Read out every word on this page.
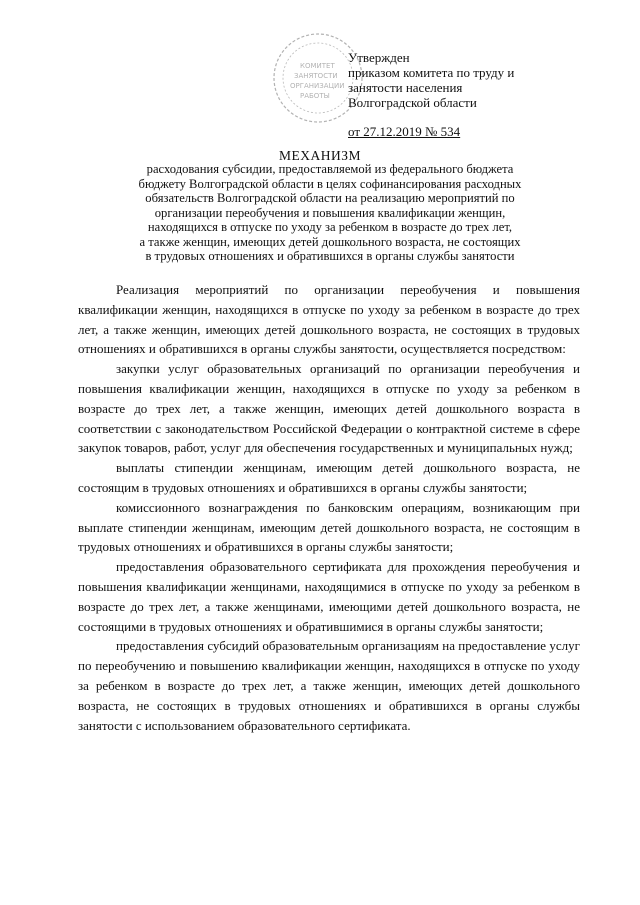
КОМИТЕТ
ЗАНЯТОСТИ
ОРГАНИЗАЦИИ
РАБОТЫ
Утвержден
приказом комитета по труду и
занятости населения
Волгоградской области
от 27.12.2019 № 534
МЕХАНИЗМ
расходования субсидии, предоставляемой из федерального бюджета
бюджету Волгоградской области в целях софинансирования расходных
обязательств Волгоградской области на реализацию мероприятий по
организации переобучения и повышения квалификации женщин,
находящихся в отпуске по уходу за ребенком в возрасте до трех лет,
а также женщин, имеющих детей дошкольного возраста, не состоящих
в трудовых отношениях и обратившихся в органы службы занятости

Реализация мероприятий по организации переобучения и повышения квалификации женщин, находящихся в отпуске по уходу за ребенком в возрасте до трех лет, а также женщин, имеющих детей дошкольного возраста, не состоящих в трудовых отношениях и обратившихся в органы службы занятости, осуществляется посредством:

закупки услуг образовательных организаций по организации переобучения и повышения квалификации женщин, находящихся в отпуске по уходу за ребенком в возрасте до трех лет, а также женщин, имеющих детей дошкольного возраста в соответствии с законодательством Российской Федерации о контрактной системе в сфере закупок товаров, работ, услуг для обеспечения государственных и муниципальных нужд;

выплаты стипендии женщинам, имеющим детей дошкольного возраста, не состоящим в трудовых отношениях и обратившихся в органы службы занятости;

комиссионного вознаграждения по банковским операциям, возникающим при выплате стипендии женщинам, имеющим детей дошкольного возраста, не состоящим в трудовых отношениях и обратившихся в органы службы занятости;

предоставления образовательного сертификата для прохождения переобучения и повышения квалификации женщинами, находящимися в отпуске по уходу за ребенком в возрасте до трех лет, а также женщинами, имеющими детей дошкольного возраста, не состоящими в трудовых отношениях и обратившимися в органы службы занятости;

предоставления субсидий образовательным организациям на предоставление услуг по переобучению и повышению квалификации женщин, находящихся в отпуске по уходу за ребенком в возрасте до трех лет, а также женщин, имеющих детей дошкольного возраста, не состоящих в трудовых отношениях и обратившихся в органы службы занятости с использованием образовательного сертификата.
